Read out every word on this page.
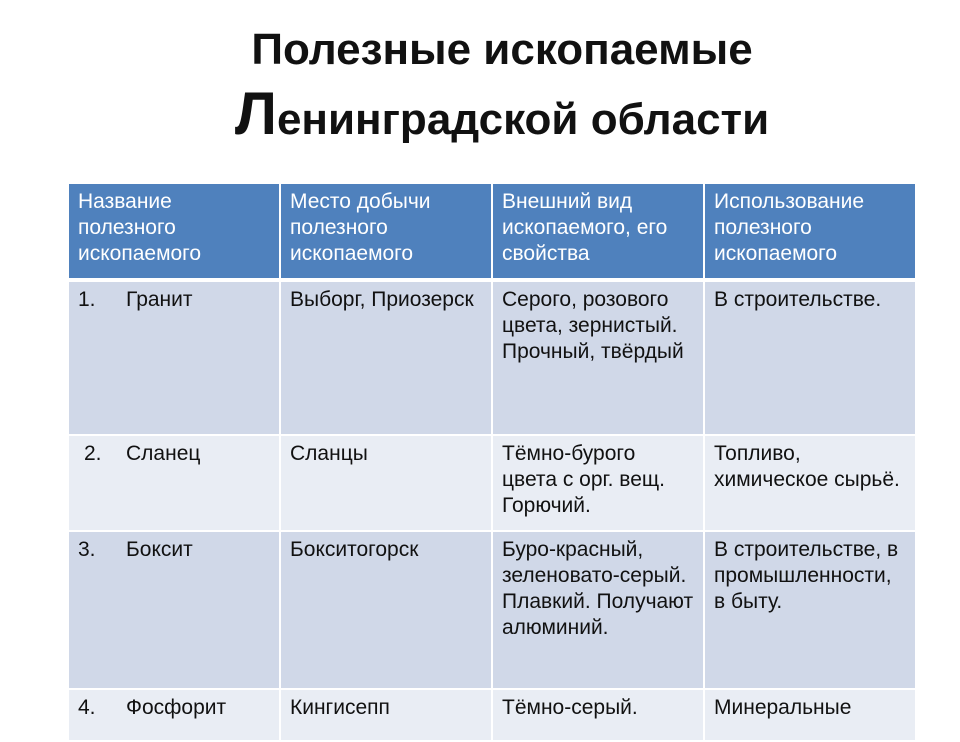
Полезные ископаемые
Ленинградской области
Название полезного ископаемого	Место добычи полезного ископаемого	Внешний вид ископаемого, его свойства	Использование полезного ископаемого
1. Гранит	Выборг, Приозерск	Серого, розового цвета, зернистый. Прочный, твёрдый	В строительстве.
2. Сланец	Сланцы	Тёмно-бурого цвета с орг. вещ. Горючий.	Топливо, химическое сырьё.
3. Боксит	Бокситогорск	Буро-красный, зеленовато-серый. Плавкий. Получают алюминий.	В строительстве, в промышленности, в быту.
4. Фосфорит	Кингисепп	Тёмно-серый.	Минеральные
